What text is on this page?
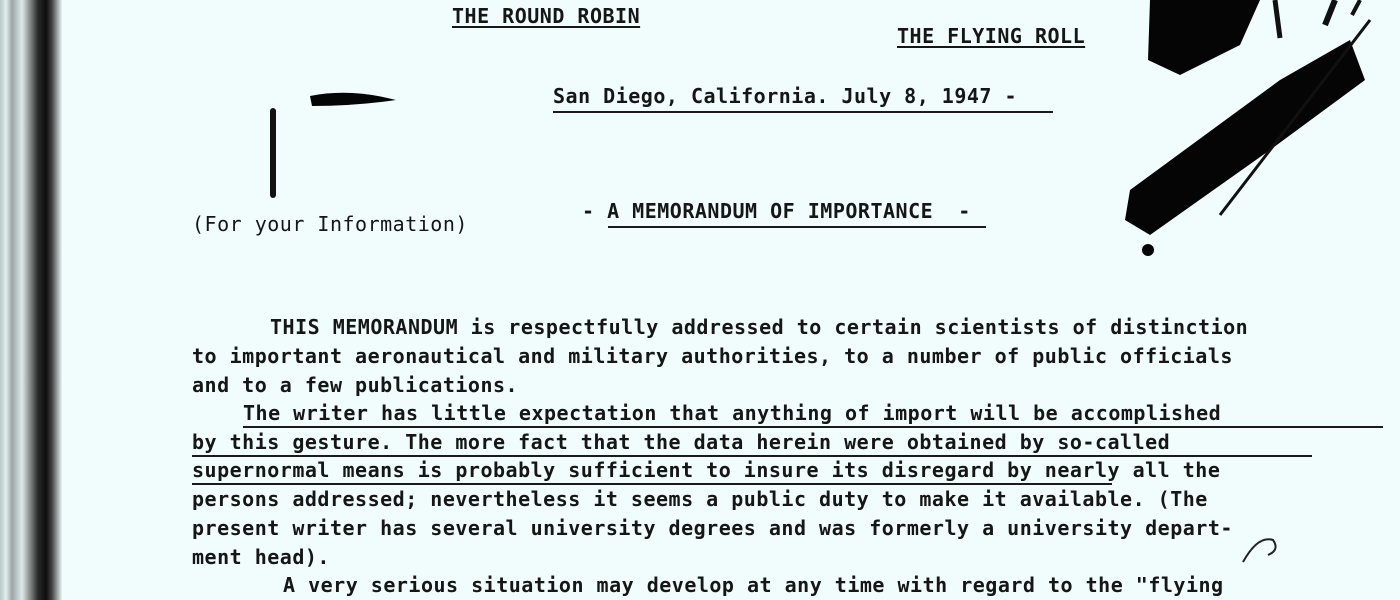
THE ROUND ROBIN
THE FLYING ROLL
San Diego, California. July 8, 1947 -
(For your Information)
- A MEMORANDUM OF IMPORTANCE  -
THIS MEMORANDUM is respectfully addressed to certain scientists of distinction
to important aeronautical and military authorities, to a number of public officials
and to a few publications.
The writer has little expectation that anything of import will be accomplished
by this gesture. The more fact that the data herein were obtained by so-called
supernormal means is probably sufficient to insure its disregard by nearly all the
persons addressed; nevertheless it seems a public duty to make it available. (The
present writer has several university degrees and was formerly a university depart-
ment head).
A very serious situation may develop at any time with regard to the "flying
